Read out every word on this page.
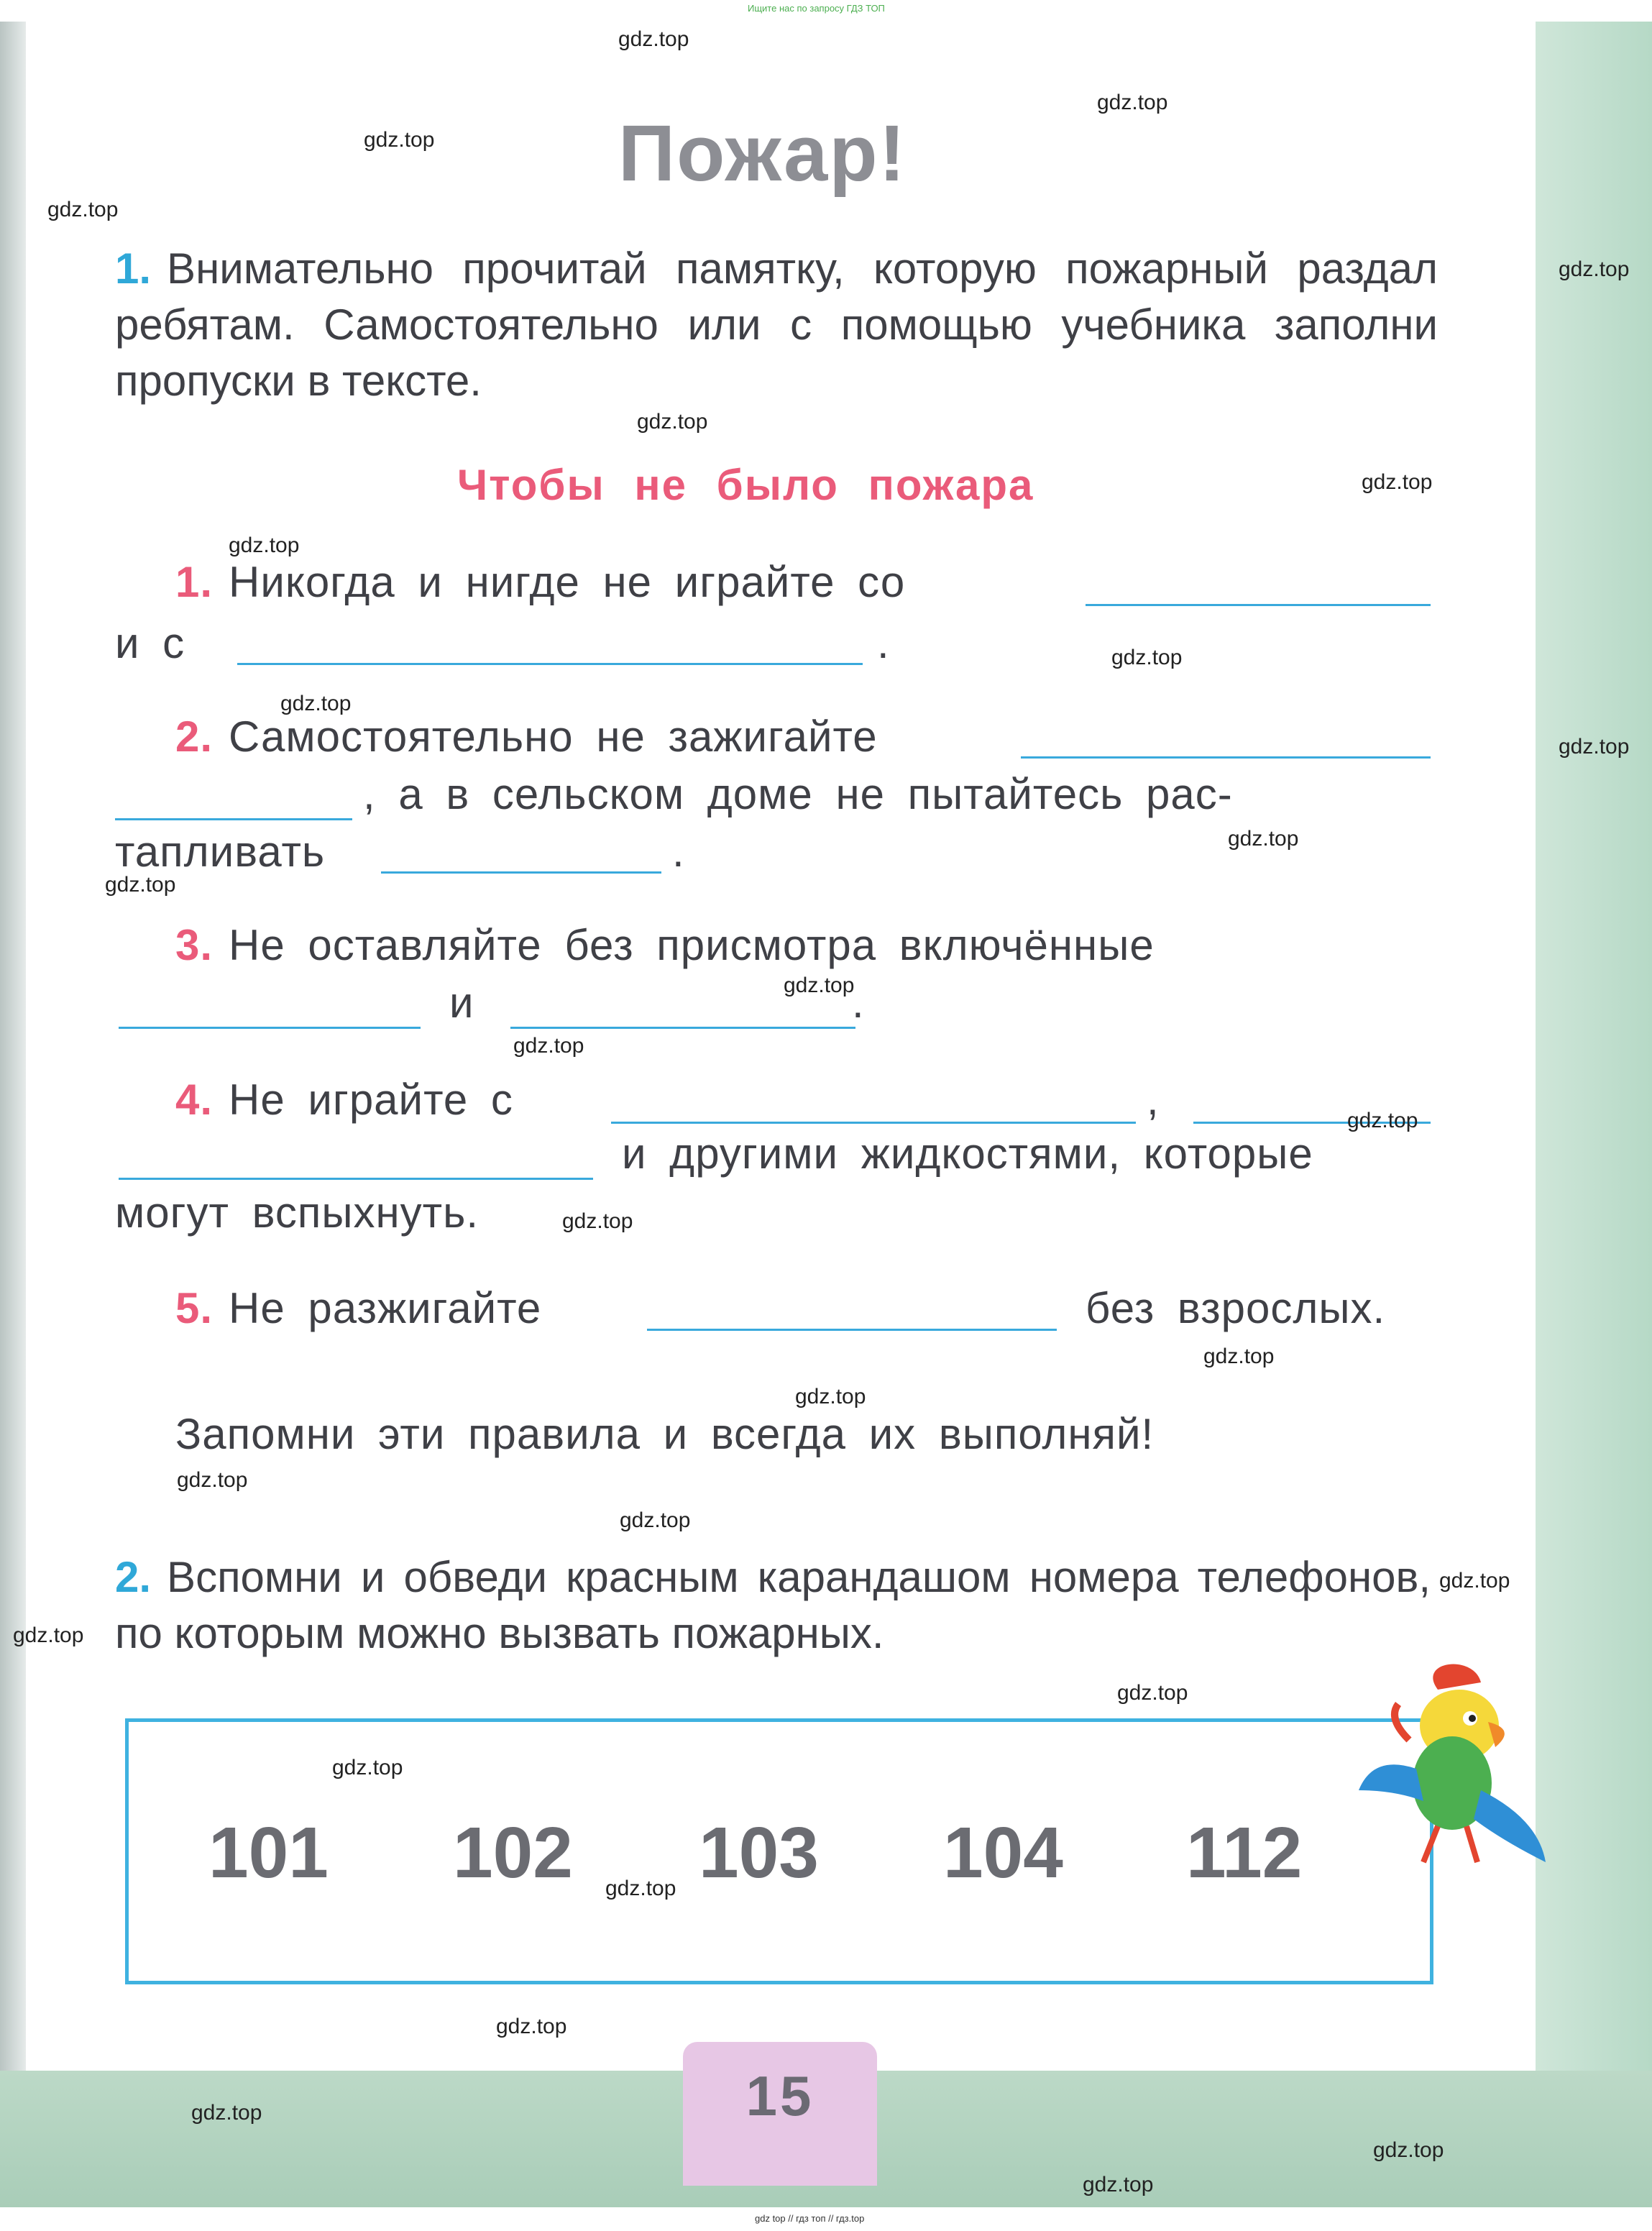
Ищите нас по запросу ГДЗ ТОП
15
gdz top // гдз топ // гдз.top
Пожар!
1. Внимательно прочитай памятку, которую пожарный раздал ребятам. Самостоятельно или с помощью учебника заполни пропуски в тексте.
Чтобы не было пожара
1. Никогда и нигде не играйте со
и с	.
2. Самостоятельно не зажигайте
, а в сельском доме не пытайтесь рас-
тапливать	.
3. Не оставляйте без присмотра включённые
и	.
4. Не играйте с	,
и другими жидкостями, которые
могут вспыхнуть.
5. Не разжигайте	без взрослых.
Запомни эти правила и всегда их выполняй!
2. Вспомни и обведи красным карандашом номера телефонов, по которым можно вызвать пожарных.
101 102 103 104 112
gdz.top
gdz.top
gdz.top
gdz.top
gdz.top
gdz.top
gdz.top
gdz.top
gdz.top
gdz.top
gdz.top
gdz.top
gdz.top
gdz.top
gdz.top
gdz.top
gdz.top
gdz.top
gdz.top
gdz.top
gdz.top
gdz.top
gdz.top
gdz.top
gdz.top
gdz.top
gdz.top
gdz.top
gdz.top
gdz.top
